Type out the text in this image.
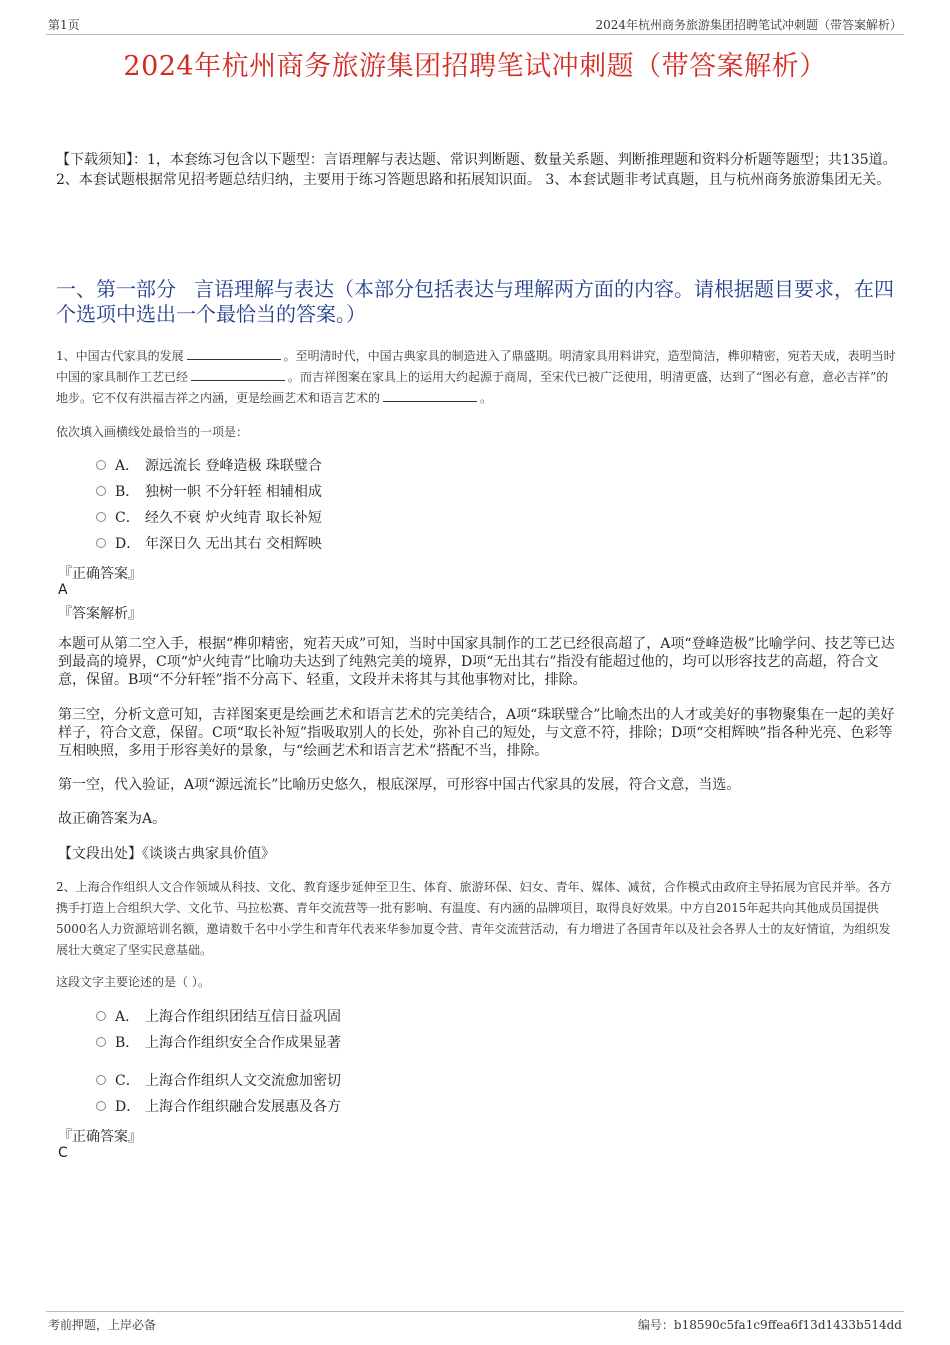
第1页	2024年杭州商务旅游集团招聘笔试冲刺题（带答案解析）
2024年杭州商务旅游集团招聘笔试冲刺题（带答案解析）
【下载须知】：1，本套练习包含以下题型：言语理解与表达题、常识判断题、数量关系题、判断推理题和资料分析题等题型；共135道。 2、本套试题根据常见招考题总结归纳，主要用于练习答题思路和拓展知识面。 3、本套试题非考试真题，且与杭州商务旅游集团无关。
一、第一部分 言语理解与表达（本部分包括表达与理解两方面的内容。请根据题目要求，在四个选项中选出一个最恰当的答案。）
1、中国古代家具的发展	。至明清时代，中国古典家具的制造进入了鼎盛期。明清家具用料讲究，造型简洁，榫卯精密，宛若天成，表明当时中国的家具制作工艺已经	。而吉祥图案在家具上的运用大约起源于商周，至宋代已被广泛使用，明清更盛，达到了“图必有意，意必吉祥”的地步。它不仅有洪福吉祥之内涵，更是绘画艺术和语言艺术的	。
依次填入画横线处最恰当的一项是：
A． 源远流长 登峰造极 珠联璧合
B． 独树一帜 不分轩轾 相辅相成
C． 经久不衰 炉火纯青 取长补短
D． 年深日久 无出其右 交相辉映
『正确答案』
A
『答案解析』
本题可从第二空入手，根据“榫卯精密，宛若天成”可知，当时中国家具制作的工艺已经很高超了，A项“登峰造极”比喻学问、技艺等已达到最高的境界，C项“炉火纯青”比喻功夫达到了纯熟完美的境界，D项“无出其右”指没有能超过他的，均可以形容技艺的高超，符合文意，保留。B项“不分轩轾”指不分高下、轻重，文段并未将其与其他事物对比，排除。
第三空，分析文意可知，吉祥图案更是绘画艺术和语言艺术的完美结合，A项“珠联璧合”比喻杰出的人才或美好的事物聚集在一起的美好样子，符合文意，保留。C项“取长补短”指吸取别人的长处，弥补自己的短处，与文意不符，排除；D项“交相辉映”指各种光亮、色彩等互相映照，多用于形容美好的景象，与“绘画艺术和语言艺术”搭配不当，排除。
第一空，代入验证，A项“源远流长”比喻历史悠久，根底深厚，可形容中国古代家具的发展，符合文意，当选。
故正确答案为A。
【文段出处】《谈谈古典家具价值》
2、上海合作组织人文合作领域从科技、文化、教育逐步延伸至卫生、体育、旅游环保、妇女、青年、媒体、减贫，合作模式由政府主导拓展为官民并举。各方携手打造上合组织大学、文化节、马拉松赛、青年交流营等一批有影响、有温度、有内涵的品牌项目，取得良好效果。中方自2015年起共向其他成员国提供5000名人力资源培训名额，邀请数千名中小学生和青年代表来华参加夏令营、青年交流营活动，有力增进了各国青年以及社会各界人士的友好情谊，为组织发展壮大奠定了坚实民意基础。
这段文字主要论述的是（ ）。
A． 上海合作组织团结互信日益巩固
B． 上海合作组织安全合作成果显著
C． 上海合作组织人文交流愈加密切
D． 上海合作组织融合发展惠及各方
『正确答案』
C
考前押题，上岸必备	编号：b18590c5fa1c9ffea6f13d1433b514dd
